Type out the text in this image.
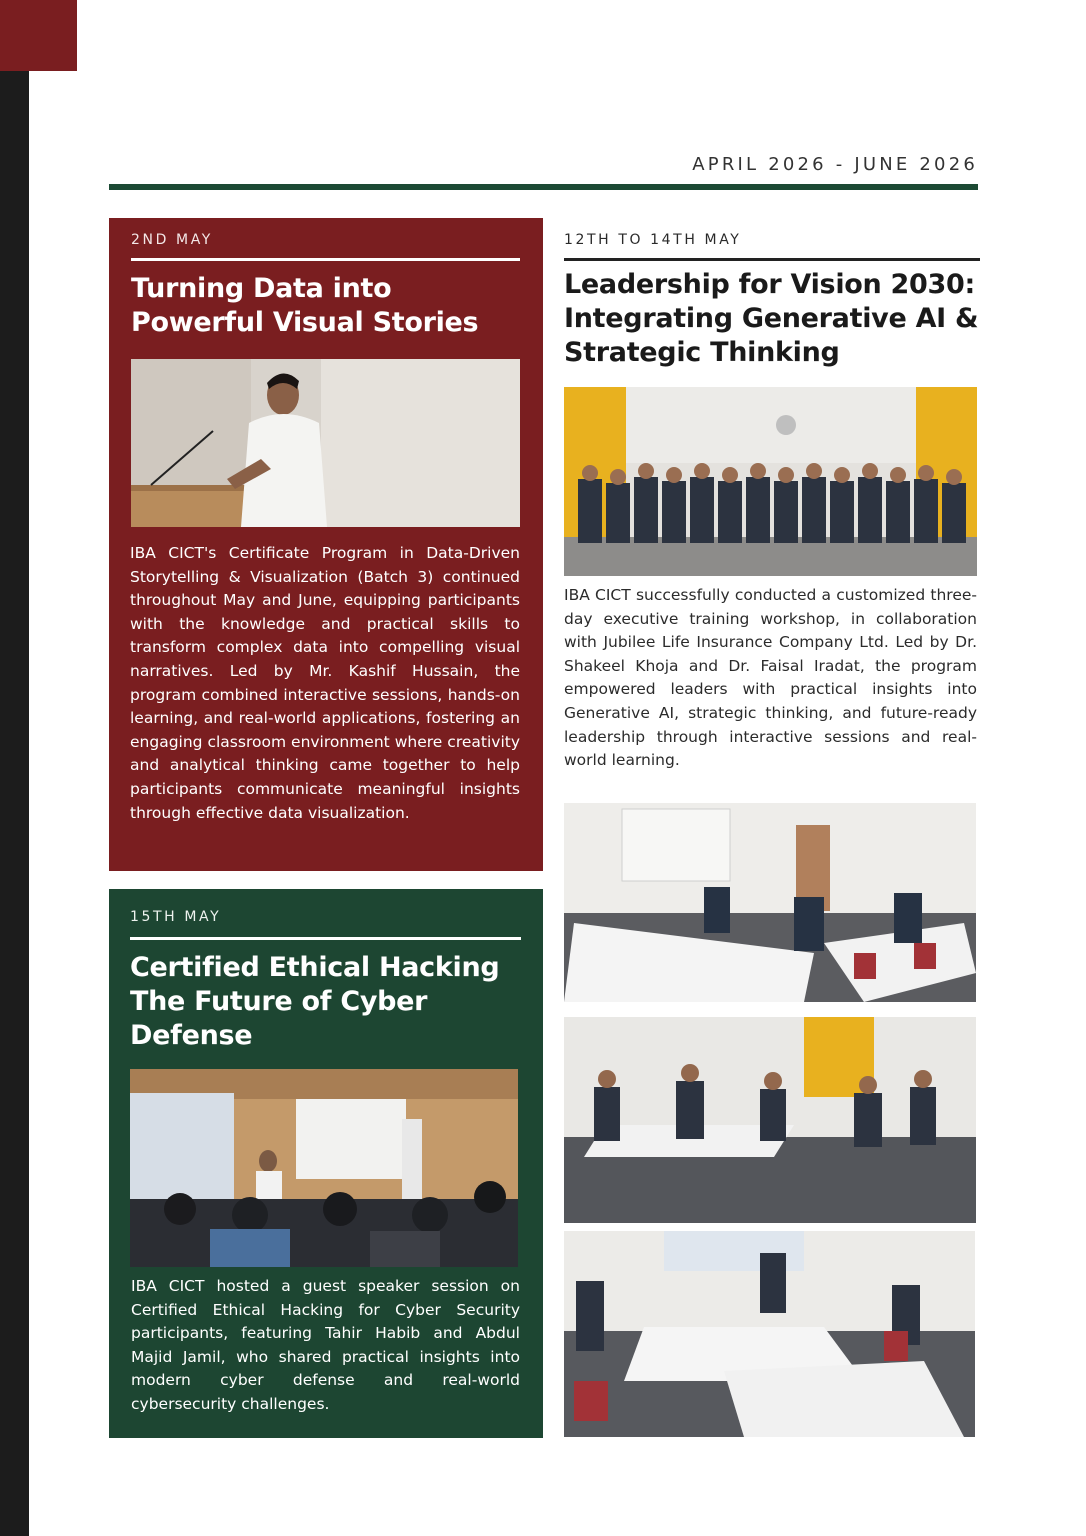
APRIL 2026 - JUNE 2026
2ND MAY
Turning Data into Powerful Visual Stories

IBA CICT's Certificate Program in Data-Driven Storytelling & Visualization (Batch 3) continued throughout May and June, equipping participants with the knowledge and practical skills to transform complex data into compelling visual narratives. Led by Mr. Kashif Hussain, the program combined interactive sessions, hands-on learning, and real-world applications, fostering an engaging classroom environment where creativity and analytical thinking came together to help participants communicate meaningful insights through effective data visualization.

15TH MAY
Certified Ethical Hacking The Future of Cyber Defense

IBA CICT hosted a guest speaker session on Certified Ethical Hacking for Cyber Security participants, featuring Tahir Habib and Abdul Majid Jamil, who shared practical insights into modern cyber defense and real-world cybersecurity challenges.

12TH TO 14TH MAY
Leadership for Vision 2030: Integrating Generative AI & Strategic Thinking

IBA CICT successfully conducted a customized three-day executive training workshop, in collaboration with Jubilee Life Insurance Company Ltd. Led by Dr. Shakeel Khoja and Dr. Faisal Iradat, the program empowered leaders with practical insights into Generative AI, strategic thinking, and future-ready leadership through interactive sessions and real-world learning.
